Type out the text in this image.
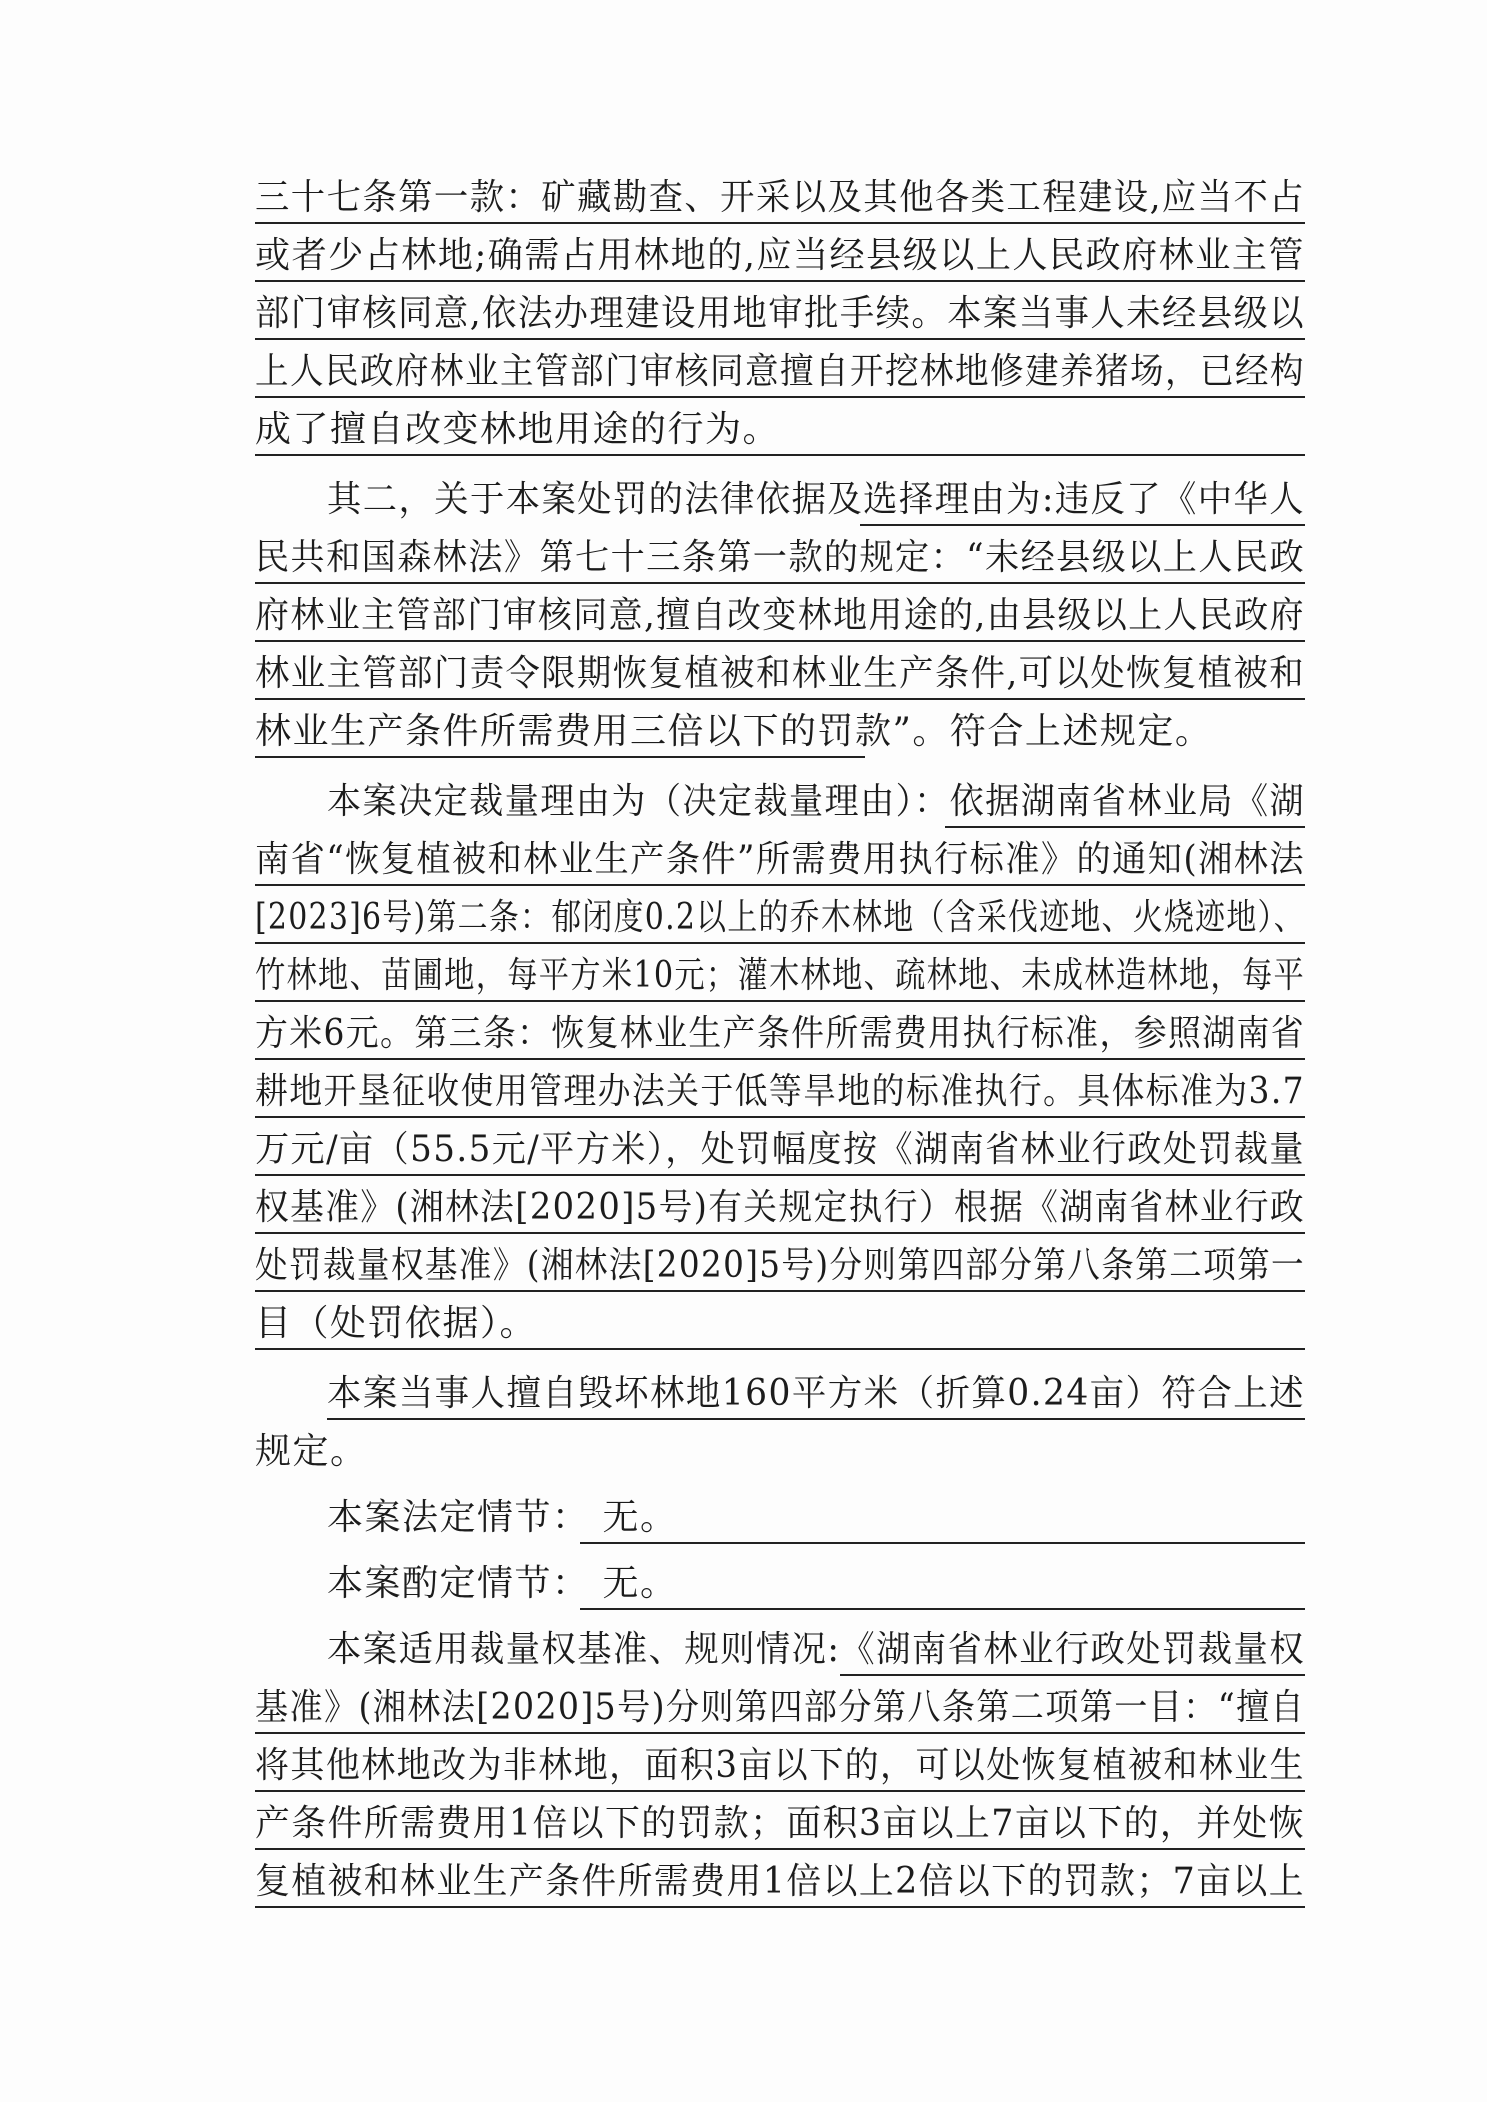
三十七条第一款：矿藏勘查、开采以及其他各类工程建设,应当不占
或者少占林地;确需占用林地的,应当经县级以上人民政府林业主管
部门审核同意,依法办理建设用地审批手续。本案当事人未经县级以
上人民政府林业主管部门审核同意擅自开挖林地修建养猪场，已经构
成了擅自改变林地用途的行为。
其二，关于本案处罚的法律依据及选择理由为:违反了《中华人
民共和国森林法》第七十三条第一款的规定：“未经县级以上人民政
府林业主管部门审核同意,擅自改变林地用途的,由县级以上人民政府
林业主管部门责令限期恢复植被和林业生产条件,可以处恢复植被和
林业生产条件所需费用三倍以下的罚款”。符合上述规定。
本案决定裁量理由为（决定裁量理由）：依据湖南省林业局《湖
南省“恢复植被和林业生产条件”所需费用执行标准》的通知(湘林法
[2023]6号)第二条：郁闭度0.2以上的乔木林地（含采伐迹地、火烧迹地）、
竹林地、苗圃地，每平方米10元；灌木林地、疏林地、未成林造林地，每平
方米6元。第三条：恢复林业生产条件所需费用执行标准，参照湖南省
耕地开垦征收使用管理办法关于低等旱地的标准执行。具体标准为3.7
万元/亩（55.5元/平方米），处罚幅度按《湖南省林业行政处罚裁量
权基准》(湘林法[2020]5号)有关规定执行）根据《湖南省林业行政
处罚裁量权基准》(湘林法[2020]5号)分则第四部分第八条第二项第一
目（处罚依据）。
本案当事人擅自毁坏林地160平方米（折算0.24亩）符合上述
规定。
本案法定情节： 无。
本案酌定情节： 无。
本案适用裁量权基准、规则情况:《湖南省林业行政处罚裁量权
基准》(湘林法[2020]5号)分则第四部分第八条第二项第一目：“擅自
将其他林地改为非林地，面积3亩以下的，可以处恢复植被和林业生
产条件所需费用1倍以下的罚款；面积3亩以上7亩以下的，并处恢
复植被和林业生产条件所需费用1倍以上2倍以下的罚款；7亩以上
